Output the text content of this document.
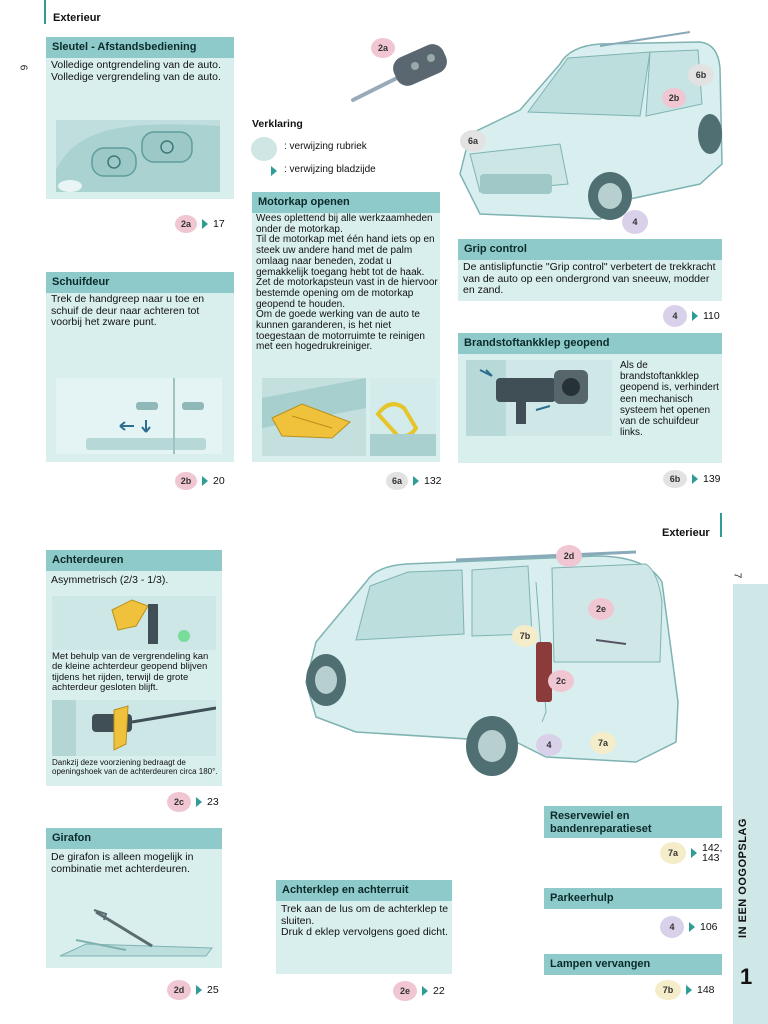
Exterieur
6
Sleutel - Afstandsbediening

Volledige ontgrendeling van de auto.

Volledige vergrendeling van de auto.

2a	17
2a
Verklaring
: verwijzing rubriek
: verwijzing bladzijde
2b
6a
6b
4
Motorkap openen

Wees oplettend bij alle werkzaamheden onder de motorkap.

Til de motorkap met één hand iets op en steek uw andere hand met de palm omlaag naar beneden, zodat u gemakkelijk toegang hebt tot de haak. Zet de motorkapsteun vast in de hiervoor bestemde opening om de motorkap geopend te houden.

Om de goede werking van de auto te kunnen garanderen, is het niet toegestaan de motorruimte te reinigen met een hogedrukreiniger.

6a	132
Schuifdeur
Trek de handgreep naar u toe en schuif de deur naar achteren tot voorbij het zware punt.
2b	20
Grip control
De antislipfunctie "Grip control" verbetert de trekkracht van de auto op een ondergrond van sneeuw, modder en zand.
4	110
Brandstoftankklep geopend
Als de brandstoftankklep geopend is, verhindert een mechanisch systeem het openen van de schuifdeur links.
6b	139
Exterieur
7
IN EEN OOGOPSLAG
1
2d
2e
7b
2c
4	7a
Achterdeuren
Asymmetrisch (2/3 - 1/3).
Met behulp van de vergrendeling kan de kleine achterdeur geopend blijven tijdens het rijden, terwijl de grote achterdeur gesloten blijft.
Dankzij deze voorziening bedraagt de openingshoek van de achterdeuren circa 180°.
2c	23
Girafon
De girafon is alleen mogelijk in combinatie met achterdeuren.
2d	25
Achterklep en achterruit

Trek aan de lus om de achterklep te sluiten.

Druk d eklep vervolgens goed dicht.

2e	22
Reservewiel en bandenreparatieset
7a	142,
143
Parkeerhulp
4	106
Lampen vervangen
7b	148
